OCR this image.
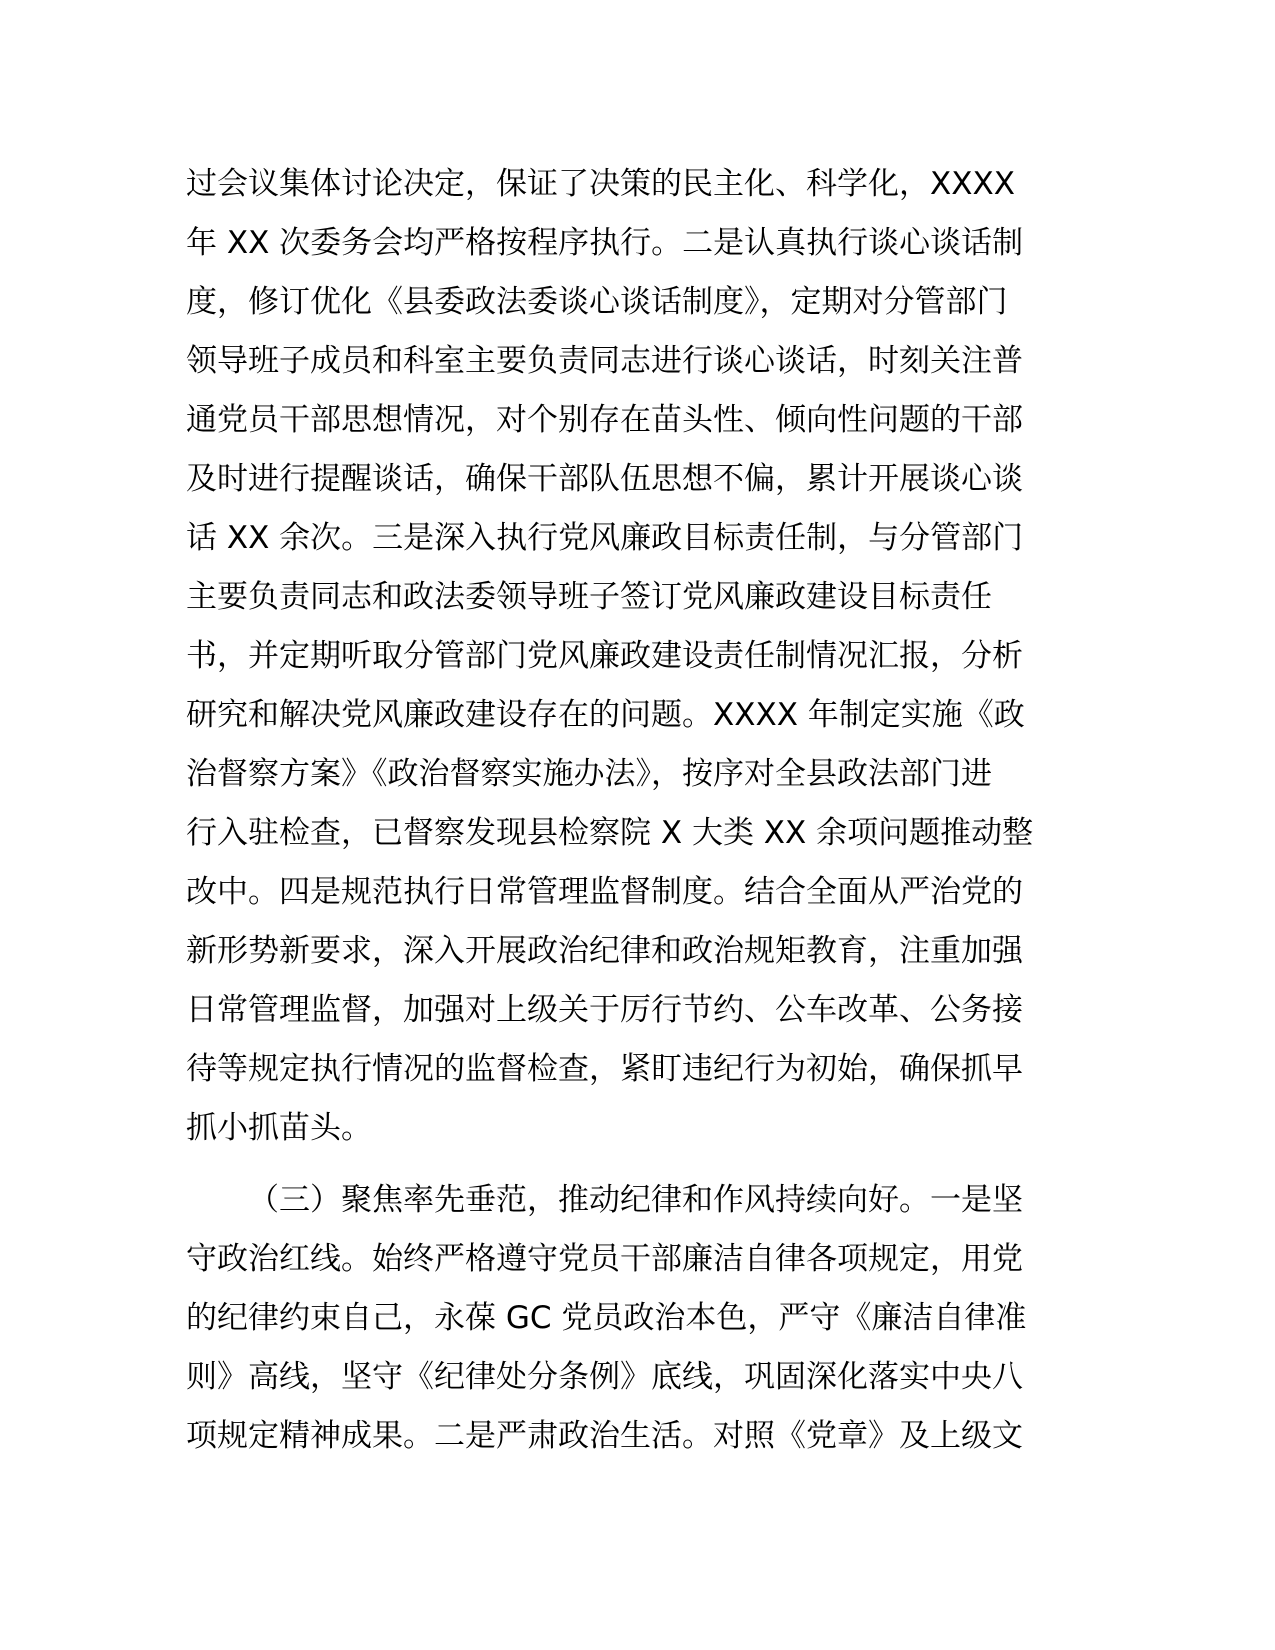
过会议集体讨论决定，保证了决策的民主化、科学化，XXXX
年 XX 次委务会均严格按程序执行。二是认真执行谈心谈话制
度，修订优化《县委政法委谈心谈话制度》，定期对分管部门
领导班子成员和科室主要负责同志进行谈心谈话，时刻关注普
通党员干部思想情况，对个别存在苗头性、倾向性问题的干部
及时进行提醒谈话，确保干部队伍思想不偏，累计开展谈心谈
话 XX 余次。三是深入执行党风廉政目标责任制，与分管部门
主要负责同志和政法委领导班子签订党风廉政建设目标责任
书，并定期听取分管部门党风廉政建设责任制情况汇报，分析
研究和解决党风廉政建设存在的问题。XXXX 年制定实施《政
治督察方案》《政治督察实施办法》，按序对全县政法部门进
行入驻检查，已督察发现县检察院 X 大类 XX 余项问题推动整
改中。四是规范执行日常管理监督制度。结合全面从严治党的
新形势新要求，深入开展政治纪律和政治规矩教育，注重加强
日常管理监督，加强对上级关于厉行节约、公车改革、公务接
待等规定执行情况的监督检查，紧盯违纪行为初始，确保抓早
抓小抓苗头。

（三）聚焦率先垂范，推动纪律和作风持续向好。一是坚
守政治红线。始终严格遵守党员干部廉洁自律各项规定，用党
的纪律约束自己，永葆 GC 党员政治本色，严守《廉洁自律准
则》高线，坚守《纪律处分条例》底线，巩固深化落实中央八
项规定精神成果。二是严肃政治生活。对照《党章》及上级文
